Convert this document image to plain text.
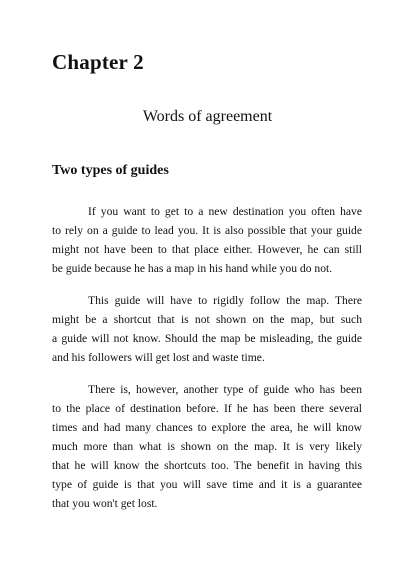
Chapter 2
Words of agreement
Two types of guides
If you want to get to a new destination you often have
to rely on a guide to lead you. It is also possible that your guide
might not have been to that place either. However, he can still
be guide because he has a map in his hand while you do not.
This guide will have to rigidly follow the map. There
might be a shortcut that is not shown on the map, but such
a guide will not know. Should the map be misleading, the guide
and his followers will get lost and waste time.
There is, however, another type of guide who has been
to the place of destination before. If he has been there several
times and had many chances to explore the area, he will know
much more than what is shown on the map. It is very likely
that he will know the shortcuts too. The benefit in having this
type of guide is that you will save time and it is a guarantee
that you won't get lost.
